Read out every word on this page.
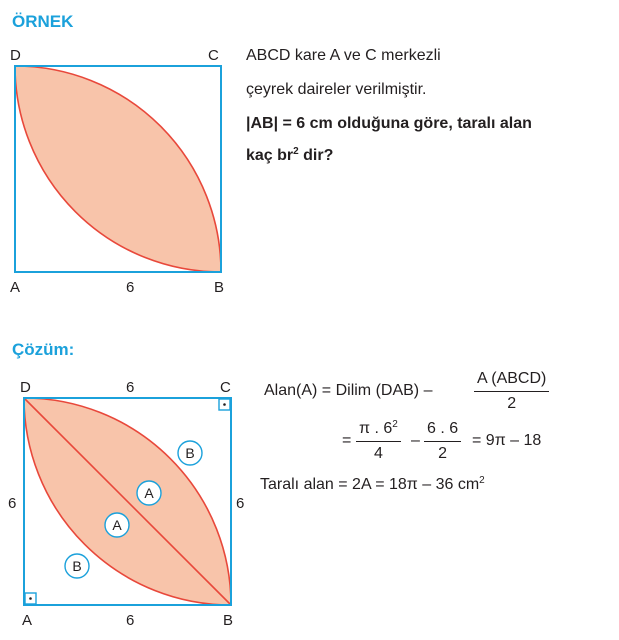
ÖRNEK
Çözüm:
D	C
A	B
6
D	C
A	B
6
6
6	6
B
A
A
B
ABCD kare A ve C merkezli
çeyrek daireler verilmiştir.
|AB| = 6 cm olduğuna göre, taralı alan
kaç $br^2$ dir?
Alan(A) = Dilim (DAB) –
A (ABCD)
2
= $\frac{\pi . 6^2}{4} - \frac{6 . 6}{2} = 9\pi - 18$
Taralı alan = 2A = 18π – 36 $cm^2$
